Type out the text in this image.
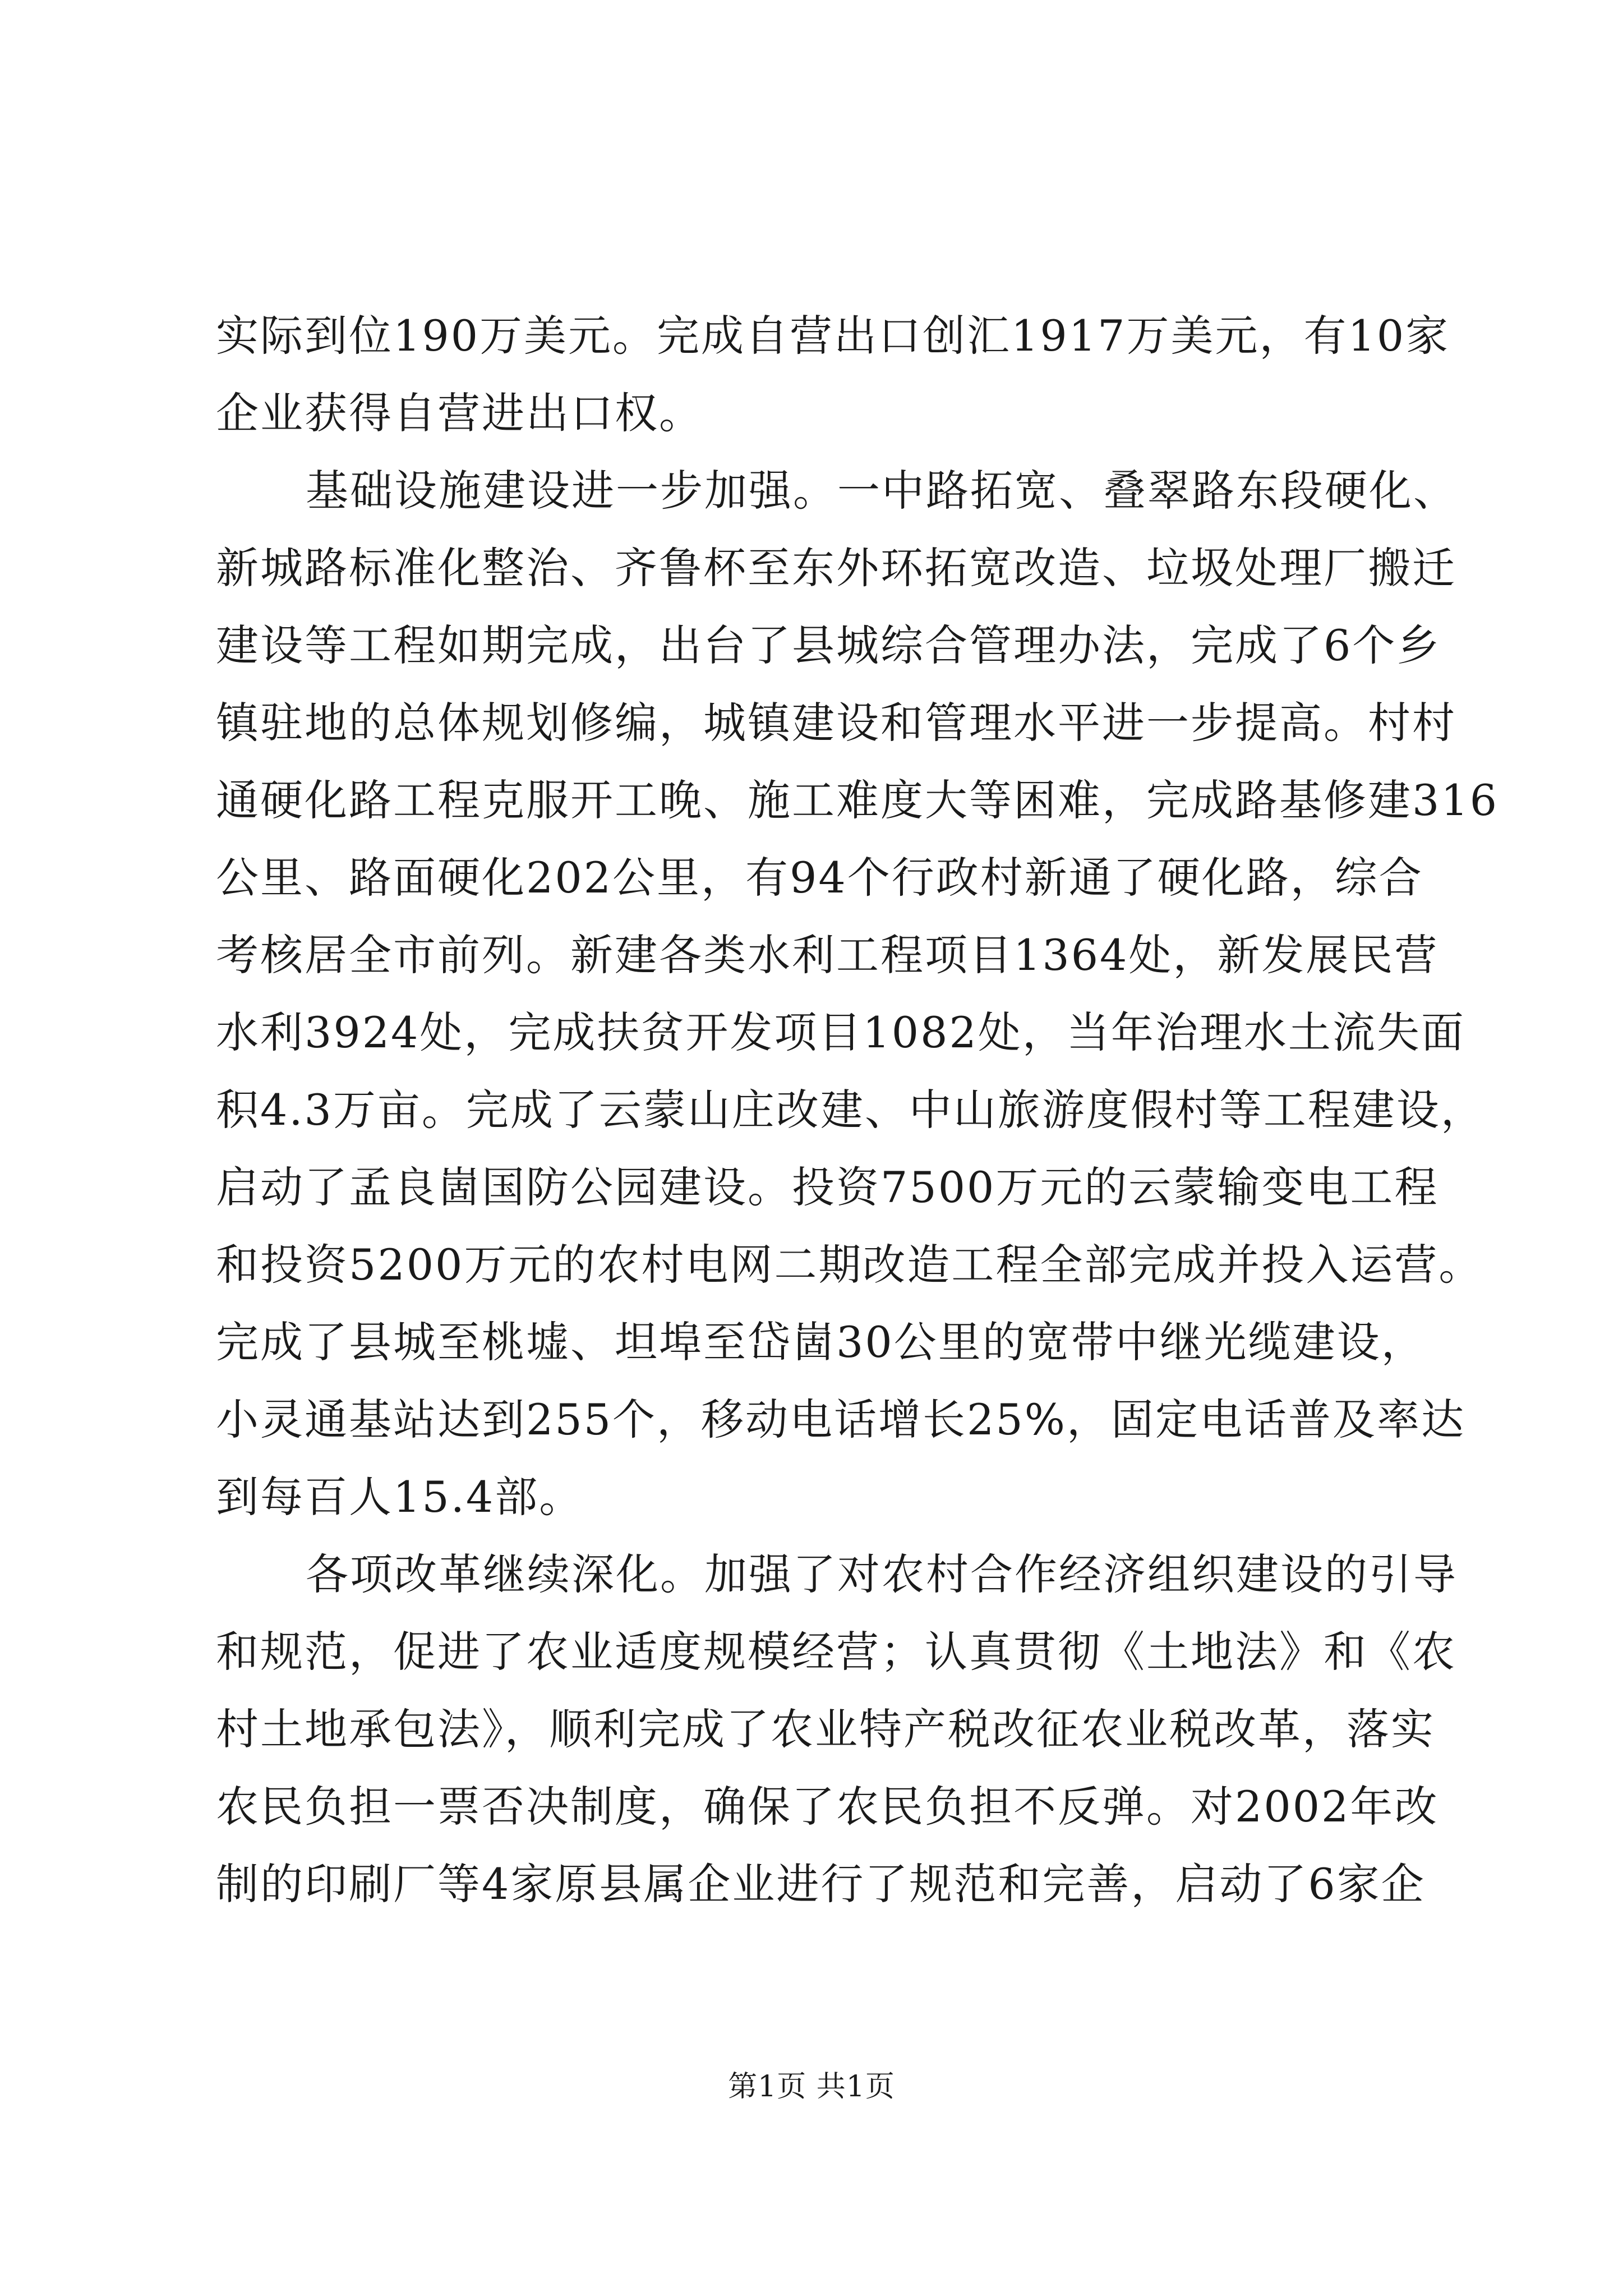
实际到位190万美元。完成自营出口创汇1917万美元，有10家
企业获得自营进出口权。
基础设施建设进一步加强。一中路拓宽、叠翠路东段硬化、
新城路标准化整治、齐鲁杯至东外环拓宽改造、垃圾处理厂搬迁
建设等工程如期完成，出台了县城综合管理办法，完成了6个乡
镇驻地的总体规划修编，城镇建设和管理水平进一步提高。村村
通硬化路工程克服开工晚、施工难度大等困难，完成路基修建316
公里、路面硬化202公里，有94个行政村新通了硬化路，综合
考核居全市前列。新建各类水利工程项目1364处，新发展民营
水利3924处，完成扶贫开发项目1082处，当年治理水土流失面
积4.3万亩。完成了云蒙山庄改建、中山旅游度假村等工程建设，
启动了孟良崮国防公园建设。投资7500万元的云蒙输变电工程
和投资5200万元的农村电网二期改造工程全部完成并投入运营。
完成了县城至桃墟、坦埠至岱崮30公里的宽带中继光缆建设，
小灵通基站达到255个，移动电话增长25%，固定电话普及率达
到每百人15.4部。
各项改革继续深化。加强了对农村合作经济组织建设的引导
和规范，促进了农业适度规模经营；认真贯彻《土地法》和《农
村土地承包法》，顺利完成了农业特产税改征农业税改革，落实
农民负担一票否决制度，确保了农民负担不反弹。对2002年改
制的印刷厂等4家原县属企业进行了规范和完善，启动了6家企
第1页 共1页
